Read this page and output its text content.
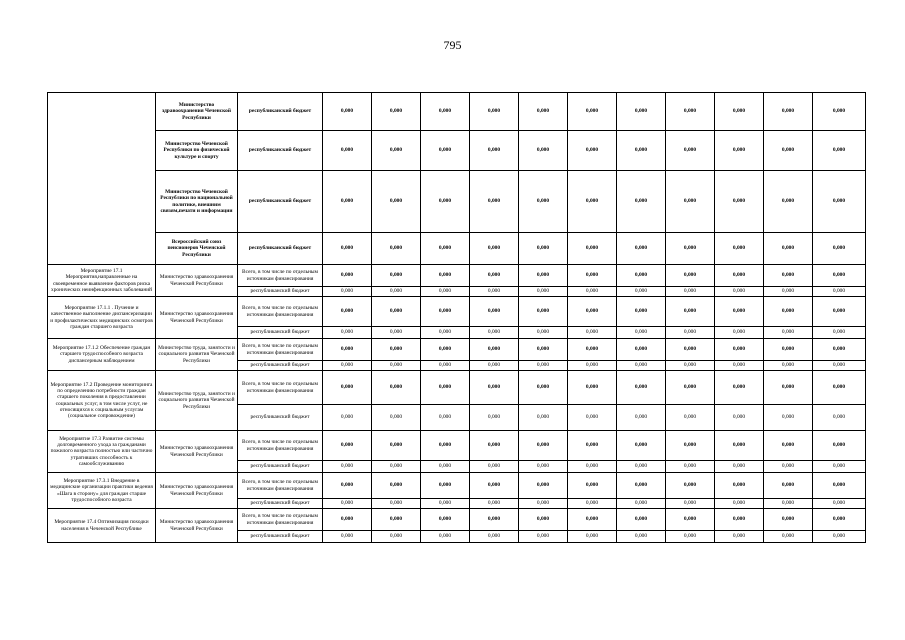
795
	Министерство здравоохранения Чеченской Республики	республиканский бюджет	0,000	0,000	0,000	0,000	0,000	0,000	0,000	0,000	0,000	0,000	0,000
	Министерство Чеченской Республики по физической культуре и спорту	республиканский бюджет	0,000	0,000	0,000	0,000	0,000	0,000	0,000	0,000	0,000	0,000	0,000
	Министерство Чеченской Республики по национальной политике, внешним связям,печати и информации	республиканский бюджет	0,000	0,000	0,000	0,000	0,000	0,000	0,000	0,000	0,000	0,000	0,000
	Всероссийский союз пенсионеров Чеченской Республики	республиканский бюджет	0,000	0,000	0,000	0,000	0,000	0,000	0,000	0,000	0,000	0,000	0,000
Мероприятие 17.1 Мероприятия,направленные на своевременное выявление факторов риска хронических неинфекционных заболеваний	Министерство здравоохранения Чеченской Республики	Всего, в том числе по отдельным источникам финансирования	0,000	0,000	0,000	0,000	0,000	0,000	0,000	0,000	0,000	0,000	0,000
		республиканский бюджет	0,000	0,000	0,000	0,000	0,000	0,000	0,000	0,000	0,000	0,000	0,000
Мероприятие 17.1.1 . Пучение и качественное выполнение диспансеризации и профилактических медицинских осмотров граждан старшего возраста	Министерство здравоохранения Чеченской Республики	Всего, в том числе по отдельным источникам финансирования	0,000	0,000	0,000	0,000	0,000	0,000	0,000	0,000	0,000	0,000	0,000
		республиканский бюджет	0,000	0,000	0,000	0,000	0,000	0,000	0,000	0,000	0,000	0,000	0,000
Мероприятие 17.1.2 Обеспечение граждан старшего трудоспособного возраста диспансерным наблюдением	Министерство труда, занятости и социального развития Чеченской Республики	Всего, в том числе по отдельным источникам финансирования	0,000	0,000	0,000	0,000	0,000	0,000	0,000	0,000	0,000	0,000	0,000
		республиканский бюджет	0,000	0,000	0,000	0,000	0,000	0,000	0,000	0,000	0,000	0,000	0,000
Мероприятие 17.2 Проведение мониторинга по определению потребности граждан старшего поколения в предоставлении социальных услуг, в том числе услуг, не относящихся к социальным услугам (социальное сопровождение)	Министерство труда, занятости и социального развития Чеченской Республики	Всего, в том числе по отдельным источникам финансирования	0,000	0,000	0,000	0,000	0,000	0,000	0,000	0,000	0,000	0,000	0,000
		республиканский бюджет	0,000	0,000	0,000	0,000	0,000	0,000	0,000	0,000	0,000	0,000	0,000
Мероприятие 17.3 Развитие системы долговременного ухода за гражданами пожилого возраста полностью или частично утративших способность к самообслуживанию	Министерство здравоохранения Чеченской Республики	Всего, в том числе по отдельным источникам финансирования	0,000	0,000	0,000	0,000	0,000	0,000	0,000	0,000	0,000	0,000	0,000
		республиканский бюджет	0,000	0,000	0,000	0,000	0,000	0,000	0,000	0,000	0,000	0,000	0,000
Мероприятие 17.3.1 Внедрение в медицинские организации практики ведения «Шага в сторону» для граждан старше трудоспособного возраста	Министерство здравоохранения Чеченской Республики	Всего, в том числе по отдельным источникам финансирования	0,000	0,000	0,000	0,000	0,000	0,000	0,000	0,000	0,000	0,000	0,000
		республиканский бюджет	0,000	0,000	0,000	0,000	0,000	0,000	0,000	0,000	0,000	0,000	0,000
Мероприятие 17.4 Оптимизация походки населения в Чеченской Республике	Министерство здравоохранения Чеченской Республики	Всего, в том числе по отдельным источникам финансирования	0,000	0,000	0,000	0,000	0,000	0,000	0,000	0,000	0,000	0,000	0,000
		республиканский бюджет	0,000	0,000	0,000	0,000	0,000	0,000	0,000	0,000	0,000	0,000	0,000
